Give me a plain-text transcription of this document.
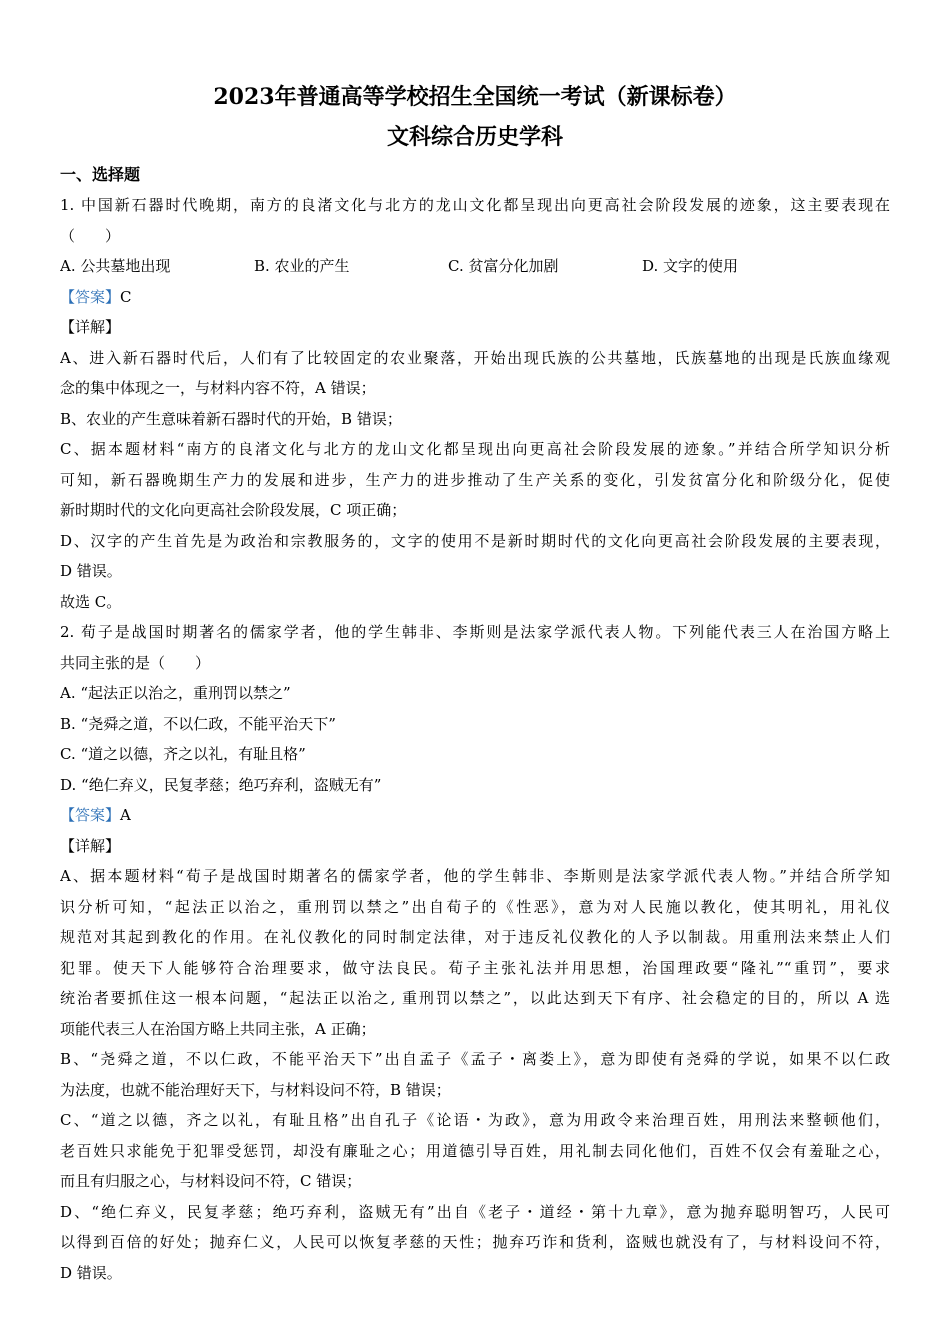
2023年普通高等学校招生全国统一考试（新课标卷）
文科综合历史学科
一、选择题
1. 中国新石器时代晚期，南方的良渚文化与北方的龙山文化都呈现出向更高社会阶段发展的迹象，这主要表现在
（　　）
A. 公共墓地出现	B. 农业的产生	C. 贫富分化加剧	D. 文字的使用
【答案】C
【详解】
A、进入新石器时代后，人们有了比较固定的农业聚落，开始出现氏族的公共墓地，氏族墓地的出现是氏族血缘观
念的集中体现之一，与材料内容不符，A 错误；
B、农业的产生意味着新石器时代的开始，B 错误；
C、据本题材料“南方的良渚文化与北方的龙山文化都呈现出向更高社会阶段发展的迹象。”并结合所学知识分析
可知，新石器晚期生产力的发展和进步，生产力的进步推动了生产关系的变化，引发贫富分化和阶级分化，促使
新时期时代的文化向更高社会阶段发展，C 项正确；
D、汉字的产生首先是为政治和宗教服务的，文字的使用不是新时期时代的文化向更高社会阶段发展的主要表现，
D 错误。
故选 C。
2. 荀子是战国时期著名的儒家学者，他的学生韩非、李斯则是法家学派代表人物。下列能代表三人在治国方略上
共同主张的是（　　）
A. “起法正以治之，重刑罚以禁之”
B. “尧舜之道，不以仁政，不能平治天下”
C. “道之以德，齐之以礼，有耻且格”
D. “绝仁弃义，民复孝慈；绝巧弃利，盗贼无有”
【答案】A
【详解】
A、据本题材料“荀子是战国时期著名的儒家学者，他的学生韩非、李斯则是法家学派代表人物。”并结合所学知
识分析可知，“起法正以治之，重刑罚以禁之”出自荀子的《性恶》，意为对人民施以教化，使其明礼，用礼仪
规范对其起到教化的作用。在礼仪教化的同时制定法律，对于违反礼仪教化的人予以制裁。用重刑法来禁止人们
犯罪。使天下人能够符合治理要求，做守法良民。荀子主张礼法并用思想，治国理政要“隆礼”“重罚”，要求
统治者要抓住这一根本问题，“起法正以治之, 重刑罚以禁之”，以此达到天下有序、社会稳定的目的，所以 A 选
项能代表三人在治国方略上共同主张，A 正确；
B、“尧舜之道，不以仁政，不能平治天下”出自孟子《孟子・离娄上》，意为即使有尧舜的学说，如果不以仁政
为法度，也就不能治理好天下，与材料设问不符，B 错误；
C、“道之以德，齐之以礼，有耻且格”出自孔子《论语・为政》，意为用政令来治理百姓，用刑法来整顿他们，
老百姓只求能免于犯罪受惩罚，却没有廉耻之心；用道德引导百姓，用礼制去同化他们，百姓不仅会有羞耻之心，
而且有归服之心，与材料设问不符，C 错误；
D、“绝仁弃义，民复孝慈；绝巧弃利，盗贼无有”出自《老子・道经・第十九章》，意为抛弃聪明智巧，人民可
以得到百倍的好处；抛弃仁义，人民可以恢复孝慈的天性；抛弃巧诈和货利，盗贼也就没有了，与材料设问不符，
D 错误。
